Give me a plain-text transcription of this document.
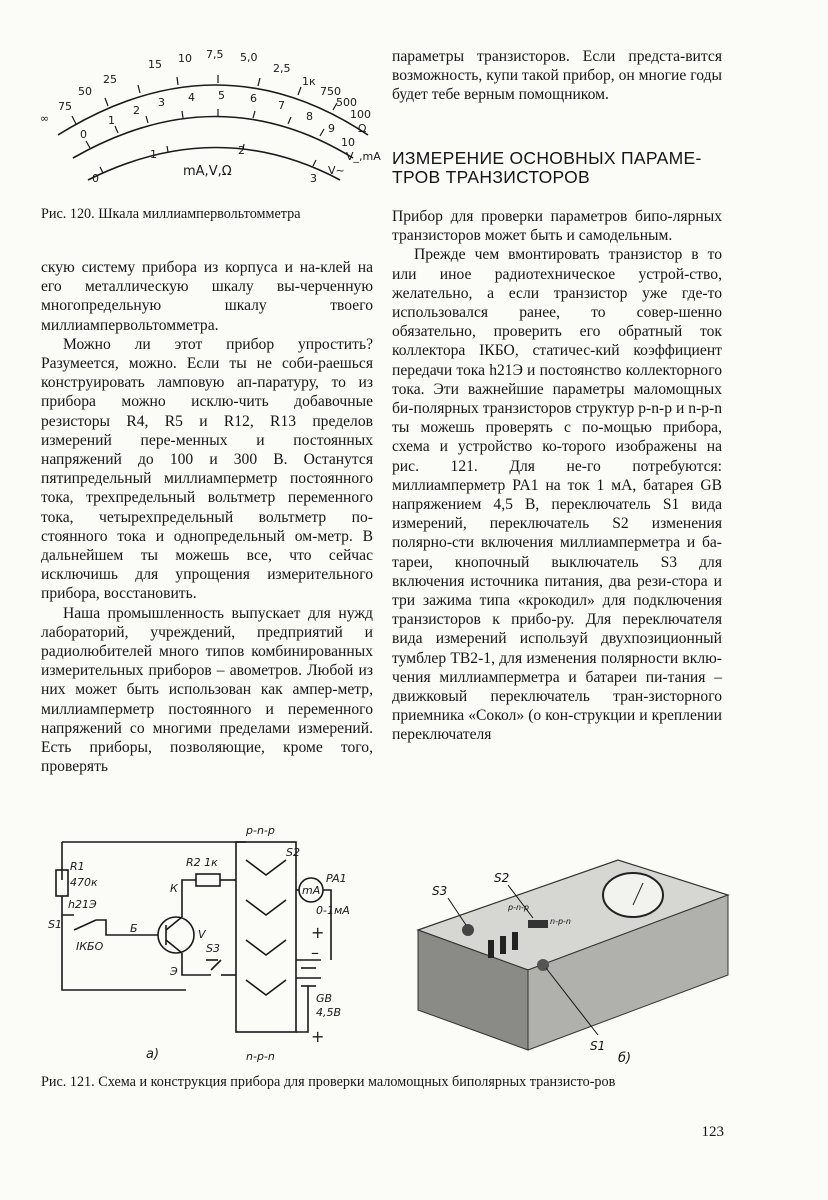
∞
75
50
25
15 10 7,5 5,0
2,5
1к
750
500
100
Ω
0
1
2
3 4 5 6
7
8
9
10
V_,mA
0
1	2
3
V~
mA,V,Ω
Рис. 120. Шкала миллиампервольтомметра

параметры транзисторов. Если предста-вится возможность, купи такой прибор, он многие годы будет тебе верным помощником.

ИЗМЕРЕНИЕ ОСНОВНЫХ ПАРАМЕ-ТРОВ ТРАНЗИСТОРОВ

скую систему прибора из корпуса и на-клей на его металлическую шкалу вы-черченную многопредельную шкалу твоего миллиампервольтомметра.

Можно ли этот прибор упростить? Разумеется, можно. Если ты не соби-раешься конструировать ламповую ап-паратуру, то из прибора можно исклю-чить добавочные резисторы R4, R5 и R12, R13 пределов измерений пере-менных и постоянных напряжений до 100 и 300 В. Останутся пятипредельный миллиамперметр постоянного тока, трехпредельный вольтметр переменного тока, четырехпредельный вольтметр по-стоянного тока и однопредельный ом-метр. В дальнейшем ты можешь все, что сейчас исключишь для упрощения измерительного прибора, восстановить.

Наша промышленность выпускает для нужд лабораторий, учреждений, предприятий и радиолюбителей много типов комбинированных измерительных приборов – авометров. Любой из них может быть использован как ампер-метр, миллиамперметр постоянного и переменного напряжений со многими пределами измерений. Есть приборы, позволяющие, кроме того, проверять

Прибор для проверки параметров бипо-лярных транзисторов может быть и самодельным.

Прежде чем вмонтировать транзистор в то или иное радиотехническое устрой-ство, желательно, а если транзистор уже где-то использовался ранее, то совер-шенно обязательно, проверить его обратный ток коллектора IКБО, статичес-кий коэффициент передачи тока h21Э и постоянство коллекторного тока. Эти важнейшие параметры маломощных би-полярных транзисторов структур p-n-p и n-p-n ты можешь проверять с по-мощью прибора, схема и устройство ко-торого изображены на рис. 121. Для не-го потребуются: миллиамперметр PA1 на ток 1 мА, батарея GB напряжением 4,5 В, переключатель S1 вида измерений, переключатель S2 изменения полярно-сти включения миллиамперметра и ба-тареи, кнопочный выключатель S3 для включения источника питания, два рези-стора и три зажима типа «крокодил» для подключения транзисторов к прибо-ру. Для переключателя вида измерений используй двухпозиционный тумблер ТВ2-1, для изменения полярности вклю-чения миллиамперметра и батареи пи-тания – движковый переключатель тран-зисторного приемника «Сокол» (о кон-струкции и креплении переключателя

p-n-p
n-p-n
R1
470к
h21Э
S1
IКБО
R2 1к
К
Б	V
Э
S3
S2
mA
PA1
0-1мА
+
–
GB
4,5В
+
а)
S3
S2
S1
р-n-р
n-р-n
б)
Рис. 121. Схема и конструкция прибора для проверки маломощных биполярных транзисто-ров
123
